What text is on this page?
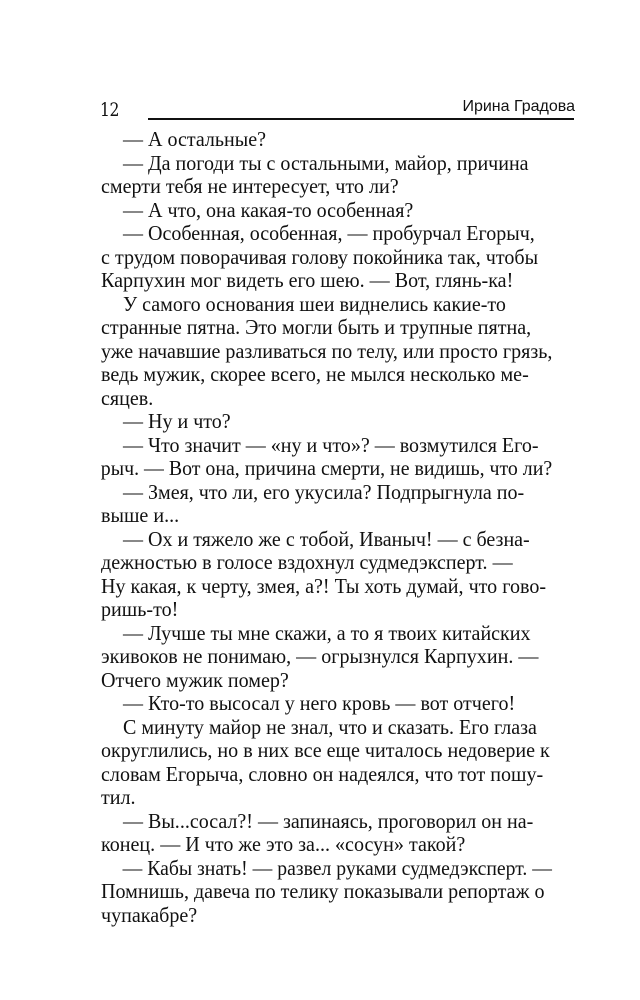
12	Ирина Градова

— А остальные?

— Да погоди ты с остальными, майор, причина
смерти тебя не интересует, что ли?

— А что, она какая-то особенная?

— Особенная, особенная, — пробурчал Егорыч,
с трудом поворачивая голову покойника так, чтобы
Карпухин мог видеть его шею. — Вот, глянь-ка!

У самого основания шеи виднелись какие-то
странные пятна. Это могли быть и трупные пятна,
уже начавшие разливаться по телу, или просто грязь,
ведь мужик, скорее всего, не мылся несколько ме-
сяцев.

— Ну и что?

— Что значит — «ну и что»? — возмутился Его-
рыч. — Вот она, причина смерти, не видишь, что ли?

— Змея, что ли, его укусила? Подпрыгнула по-
выше и...

— Ох и тяжело же с тобой, Иваныч! — с безна-
дежностью в голосе вздохнул судмедэксперт. —
Ну какая, к черту, змея, а?! Ты хоть думай, что гово-
ришь-то!

— Лучше ты мне скажи, а то я твоих китайских
экивоков не понимаю, — огрызнулся Карпухин. —
Отчего мужик помер?

— Кто-то высосал у него кровь — вот отчего!

С минуту майор не знал, что и сказать. Его глаза
округлились, но в них все еще читалось недоверие к
словам Егорыча, словно он надеялся, что тот пошу-
тил.

— Вы...сосал?! — запинаясь, проговорил он на-
конец. — И что же это за... «сосун» такой?

— Кабы знать! — развел руками судмедэксперт. —
Помнишь, давеча по телику показывали репортаж о
чупакабре?
